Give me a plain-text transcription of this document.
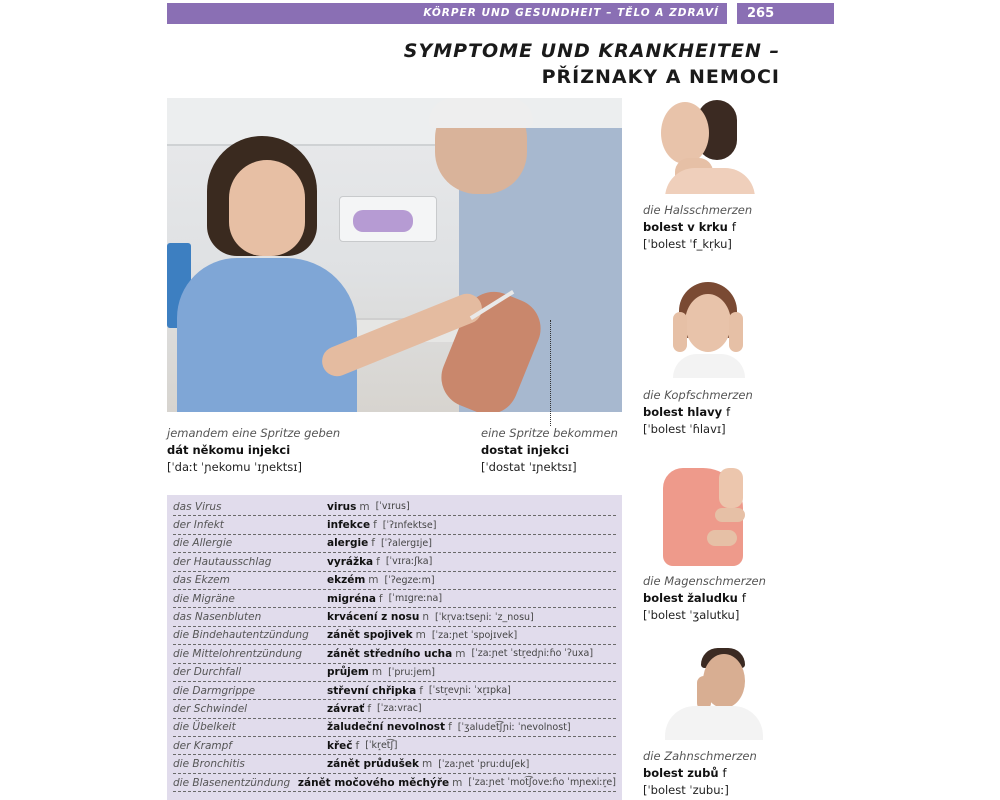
KÖRPER UND GESUNDHEIT – TĚLO A ZDRAVÍ	265
SYMPTOME UND KRANKHEITEN –
PŘÍZNAKY A NEMOCI
jemandem eine Spritze geben
dát někomu injekci
[ˈdaːt ˈɲekomu ˈɪɲektsɪ]
eine Spritze bekommen
dostat injekci
[ˈdostat ˈɪɲektsɪ]
das Virus	virus m [ˈvɪrus]
der Infekt	infekce f [ˈʔɪnfektse]
die Allergie	alergie f [ˈʔalergɪje]
der Hautausschlag	vyrážka f [ˈvɪraːʃka]
das Ekzem	ekzém m [ˈʔegzeːm]
die Migräne	migréna f [ˈmɪgreːna]
das Nasenbluten	krvácení z nosu n [ˈkr̩vaːtseɲiː ˈz_nosu]
die Bindehautentzündung	zánět spojivek m [ˈzaːɲet ˈspojɪvek]
die Mittelohrentzündung	zánět středního ucha m [ˈzaːɲet ˈstr̝edɲiːɦo ˈʔuxa]
der Durchfall	průjem m [ˈpruːjem]
die Darmgrippe	střevní chřipka f [ˈstr̝evɲiː ˈxr̝ɪpka]
der Schwindel	závrať f [ˈzaːvrac]
die Übelkeit	žaludeční nevolnost f [ˈʒaludet͡ʃɲiː ˈnevolnost]
der Krampf	křeč f [ˈkr̝et͡ʃ]
die Bronchitis	zánět průdušek m [ˈzaːɲet ˈpruːduʃek]
die Blasenentzündung zánět močového měchýře m [ˈzaːɲet ˈmot͡ʃoveːɦo ˈmɲexiːr̝e]
die Halsschmerzen
bolest v krku f
[ˈbolest ˈf_kr̩ku]
die Kopfschmerzen
bolest hlavy f
[ˈbolest ˈɦlavɪ]
die Magenschmerzen
bolest žaludku f
[ˈbolest ˈʒalutku]
die Zahnschmerzen
bolest zubů f
[ˈbolest ˈzubuː]
